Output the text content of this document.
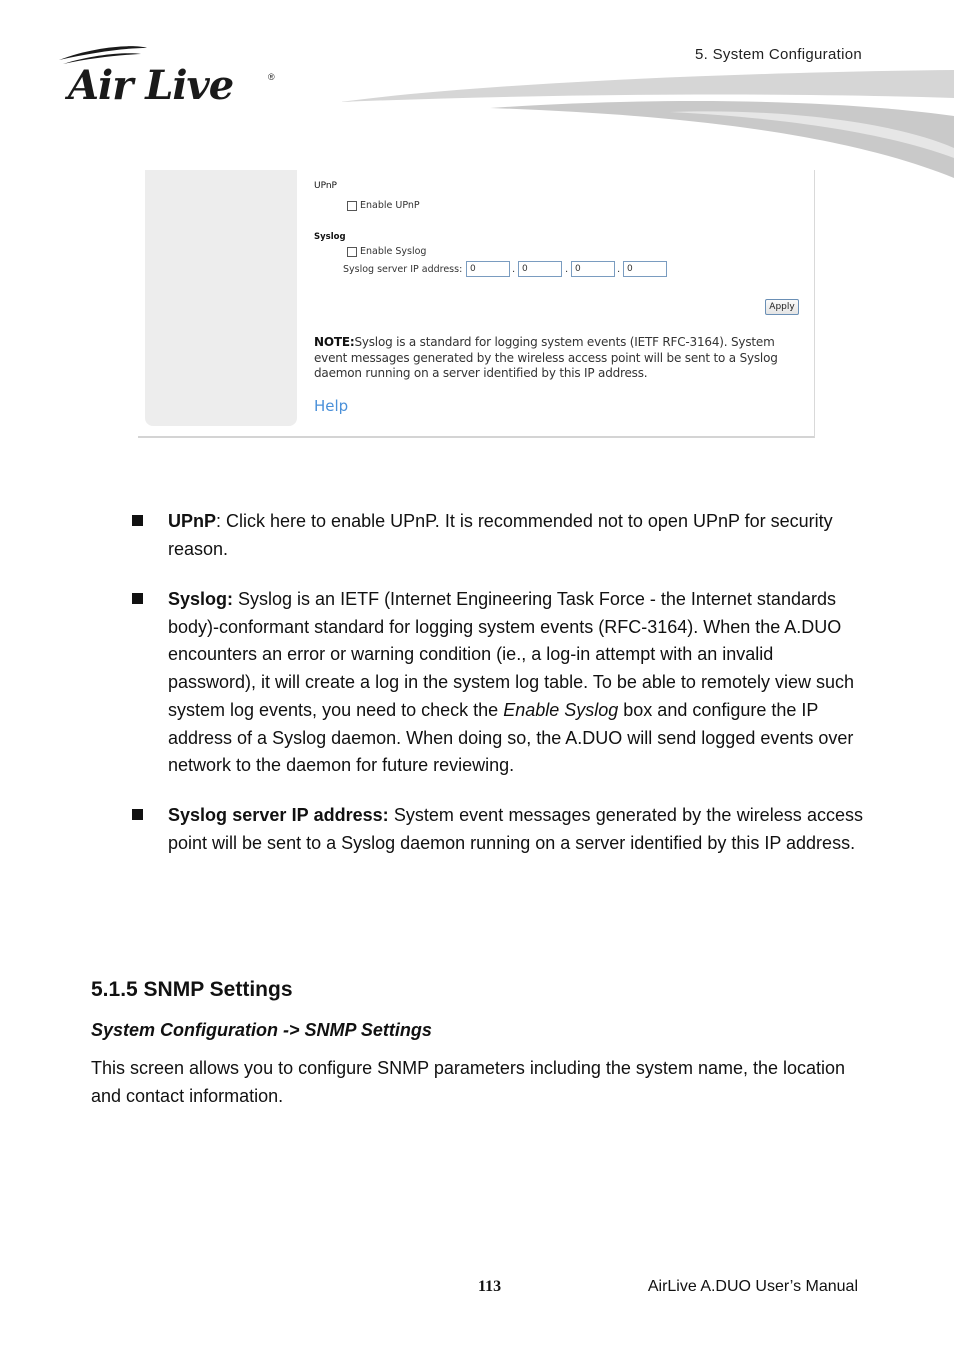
Air Live	®
5. System Configuration
UPnP
Enable UPnP
Syslog
Enable Syslog
Syslog server IP address: 0	. 0	. 0	. 0
Apply
NOTE:Syslog is a standard for logging system events (IETF RFC-3164). System event messages generated by the wireless access point will be sent to a Syslog daemon running on a server identified by this IP address.
Help
UPnP: Click here to enable UPnP. It is recommended not to open UPnP for security reason.
Syslog: Syslog is an IETF (Internet Engineering Task Force - the Internet standards body)-conformant standard for logging system events (RFC-3164). When the A.DUO encounters an error or warning condition (ie., a log-in attempt with an invalid password), it will create a log in the system log table. To be able to remotely view such system log events, you need to check the Enable Syslog box and configure the IP address of a Syslog daemon. When doing so, the A.DUO will send logged events over network to the daemon for future reviewing.
Syslog server IP address: System event messages generated by the wireless access point will be sent to a Syslog daemon running on a server identified by this IP address.
5.1.5 SNMP Settings
System Configuration -> SNMP Settings
This screen allows you to configure SNMP parameters including the system name, the location and contact information.
113	AirLive A.DUO User’s Manual
